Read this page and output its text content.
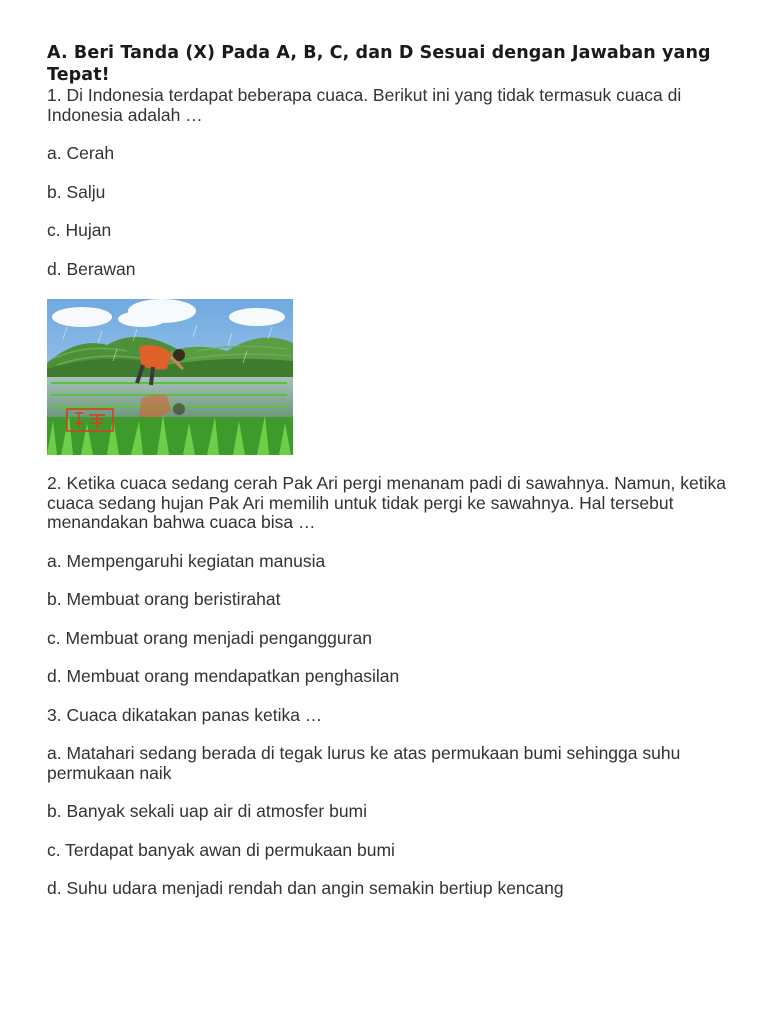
A. Beri Tanda (X) Pada A, B, C, dan D Sesuai dengan Jawaban yang Tepat!

1. Di Indonesia terdapat beberapa cuaca. Berikut ini yang tidak termasuk cuaca di Indonesia adalah …

a. Cerah

b. Salju

c. Hujan

d. Berawan

2. Ketika cuaca sedang cerah Pak Ari pergi menanam padi di sawahnya. Namun, ketika cuaca sedang hujan Pak Ari memilih untuk tidak pergi ke sawahnya. Hal tersebut menandakan bahwa cuaca bisa …

a. Mempengaruhi kegiatan manusia

b. Membuat orang beristirahat

c. Membuat orang menjadi pengangguran

d. Membuat orang mendapatkan penghasilan

3. Cuaca dikatakan panas ketika …

a. Matahari sedang berada di tegak lurus ke atas permukaan bumi sehingga suhu permukaan naik

b. Banyak sekali uap air di atmosfer bumi

c. Terdapat banyak awan di permukaan bumi

d. Suhu udara menjadi rendah dan angin semakin bertiup kencang
